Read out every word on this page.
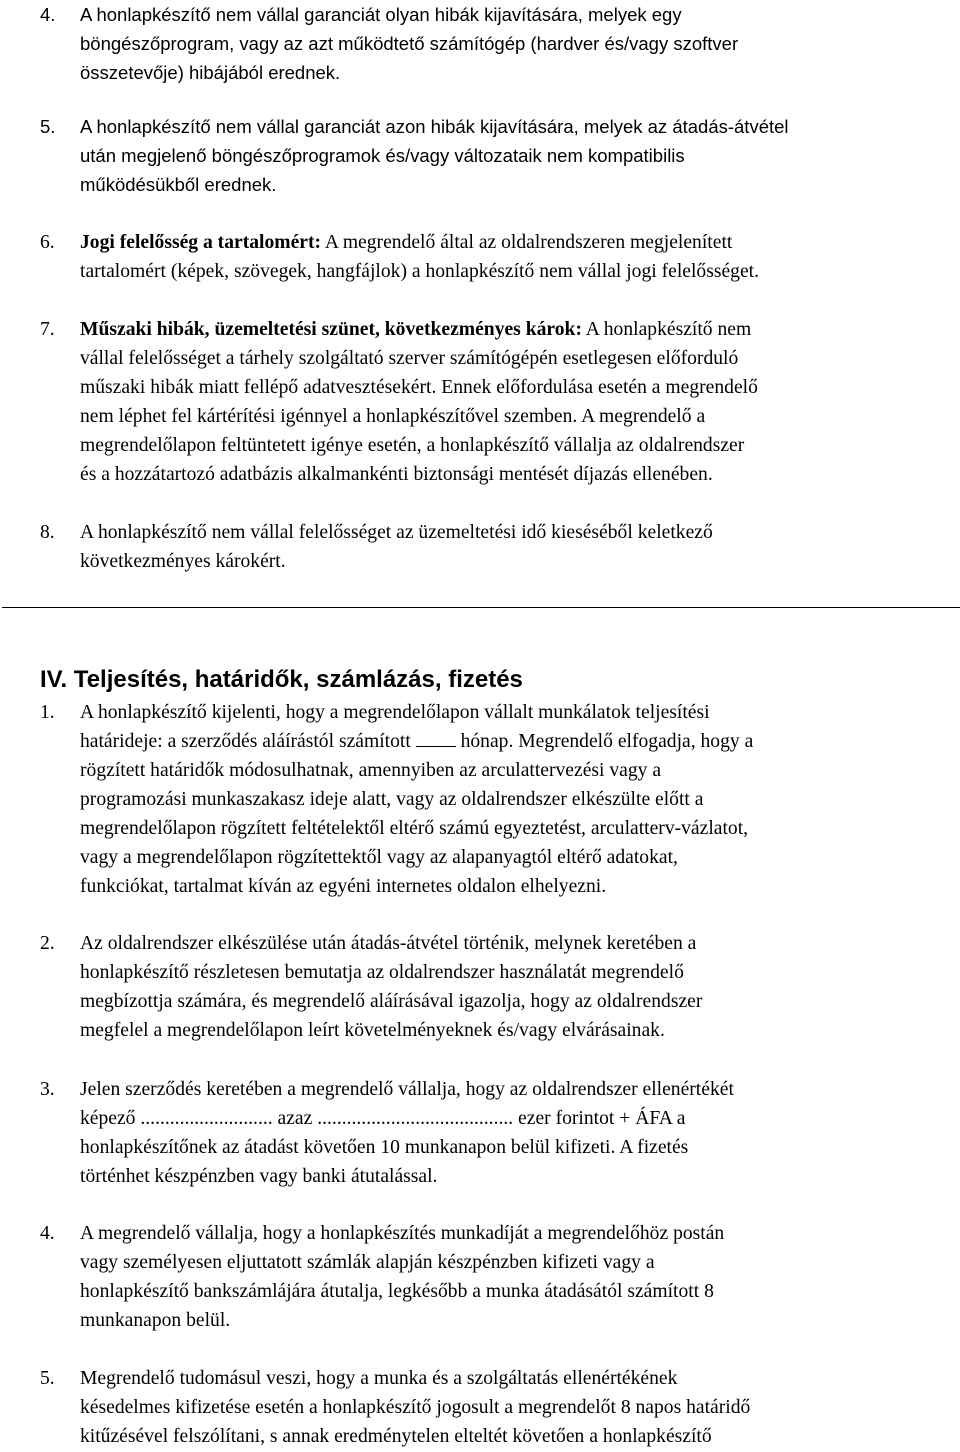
4.	A honlapkészítő nem vállal garanciát olyan hibák kijavítására, melyek egy
böngészőprogram, vagy az azt működtető számítógép (hardver és/vagy szoftver
összetevője) hibájából erednek.
5.	A honlapkészítő nem vállal garanciát azon hibák kijavítására, melyek az átadás-átvétel
után megjelenő böngészőprogramok és/vagy változataik nem kompatibilis
működésükből erednek.
6.	Jogi felelősség a tartalomért: A megrendelő által az oldalrendszeren megjelenített
tartalomért (képek, szövegek, hangfájlok) a honlapkészítő nem vállal jogi felelősséget.
7.	Műszaki hibák, üzemeltetési szünet, következményes károk: A honlapkészítő nem
vállal felelősséget a tárhely szolgáltató szerver számítógépén esetlegesen előforduló
műszaki hibák miatt fellépő adatvesztésekért. Ennek előfordulása esetén a megrendelő
nem léphet fel kártérítési igénnyel a honlapkészítővel szemben. A megrendelő a
megrendelőlapon feltüntetett igénye esetén, a honlapkészítő vállalja az oldalrendszer
és a hozzátartozó adatbázis alkalmankénti biztonsági mentését díjazás ellenében.
8.	A honlapkészítő nem vállal felelősséget az üzemeltetési idő kieséséből keletkező
következményes károkért.
IV. Teljesítés, határidők, számlázás, fizetés
1.	A honlapkészítő kijelenti, hogy a megrendelőlapon vállalt munkálatok teljesítési
határideje: a szerződés aláírástól számított  hónap. Megrendelő elfogadja, hogy a
rögzített határidők módosulhatnak, amennyiben az arculattervezési vagy a
programozási munkaszakasz ideje alatt, vagy az oldalrendszer elkészülte előtt a
megrendelőlapon rögzített feltételektől eltérő számú egyeztetést, arculatterv-vázlatot,
vagy a megrendelőlapon rögzítettektől vagy az alapanyagtól eltérő adatokat,
funkciókat, tartalmat kíván az egyéni internetes oldalon elhelyezni.
2.	Az oldalrendszer elkészülése után átadás-átvétel történik, melynek keretében a
honlapkészítő részletesen bemutatja az oldalrendszer használatát megrendelő
megbízottja számára, és megrendelő aláírásával igazolja, hogy az oldalrendszer
megfelel a megrendelőlapon leírt követelményeknek és/vagy elvárásainak.
3.	Jelen szerződés keretében a megrendelő vállalja, hogy az oldalrendszer ellenértékét
képező ........................... azaz ........................................ ezer forintot + ÁFA a
honlapkészítőnek az átadást követően 10 munkanapon belül kifizeti. A fizetés
történhet készpénzben vagy banki átutalással.
4.	A megrendelő vállalja, hogy a honlapkészítés munkadíját a megrendelőhöz postán
vagy személyesen eljuttatott számlák alapján készpénzben kifizeti vagy a
honlapkészítő bankszámlájára átutalja, legkésőbb a munka átadásától számított 8
munkanapon belül.
5.	Megrendelő tudomásul veszi, hogy a munka és a szolgáltatás ellenértékének
késedelmes kifizetése esetén a honlapkészítő jogosult a megrendelőt 8 napos határidő
kitűzésével felszólítani, s annak eredménytelen elteltét követően a honlapkészítő
